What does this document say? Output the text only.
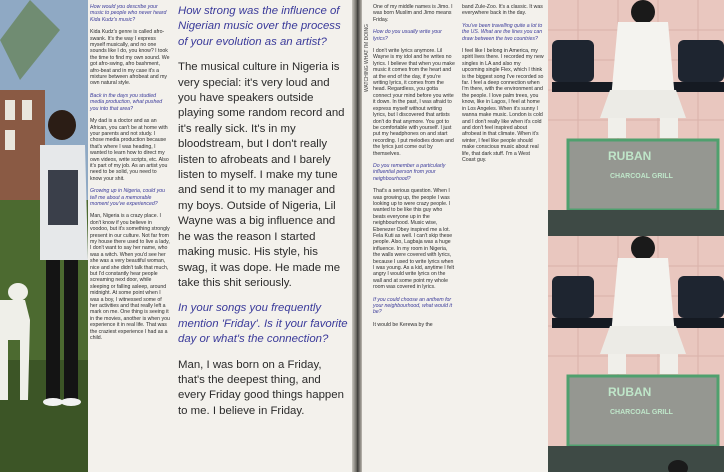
How would you describe your music to people who never heard Kida Kudz's music?

Kida Kudz's genre is called afro-swank. It's the way I express myself musically, and no one sounds like I do, you know? I took the time to find my own sound. We got afro-swing, afro bashment, afro-beat and in my case it's a mixture between afrobeat and my own natural style.

Back in the days you studied media production, what pushed you into that area?

My dad is a doctor and as an African, you can't be at home with your parents and not study. I chose media production because that's where I was heading, I wanted to learn how to direct my own videos, write scripts, etc. Also it's part of my job. As an artist you need to be solid, you need to know your shit.

Growing up in Nigeria, could you tell me about a memorable moment you've experienced?

Man, Nigeria is a crazy place. I don't know if you believe in voodoo, but it's something strongly present in our culture. Not far from my house there used to live a lady, I don't want to say her name, who was a witch. When you'd see her she was a very beautiful woman, nice and she didn't talk that much, but I'd constantly hear people screaming next door, while sleeping or falling asleep, around midnight. At some point when I was a boy, I witnessed some of her activities and that really left a mark on me. One thing is seeing it in the movies, another is when you experience it in real life. That was the craziest experience I had as a child.

How strong was the influence of Nigerian music over the process of your evolution as an artist?

The musical culture in Nigeria is very special: it's very loud and you have speakers outside playing some random record and it's really sick. It's in my bloodstream, but I don't really listen to afrobeats and I barely listen to myself. I make my tune and send it to my manager and my boys. Outside of Nigeria, Lil Wayne was a big influence and he was the reason I started making music. His style, his swag, it was dope. He made me take this shit seriously.

In your songs you frequently mention 'Friday'. Is it your favorite day or what's the connection?

Man, I was born on a Friday, that's the deepest thing, and every Friday good things happen to me. I believe in Friday.

WATCHING WHAT I'M DOING

One of my middle names is Jimo. I was born Muslim and Jimo means Friday.

How do you usually write your lyrics?

I don't write lyrics anymore. Lil Wayne is my idol and he writes no lyrics. I believe that when you make music it comes from the heart and at the end of the day, if you're writing lyrics, it comes from the head. Regardless, you gotta connect your mind before you write it down. In the past, I was afraid to express myself without writing lyrics, but I discovered that artists don't do that anymore. You got to be comfortable with yourself. I just put my headphones on and start recording. I put melodies down and the lyrics just come out by themselves.

Do you remember a particularly influential person from your neighbourhood?

That's a serious question. When I was growing up, the people I was looking up to were crazy people. I wanted to be like this guy who beats everyone up in the neighbourhood. Music wise, Ebenezer Obey inspired me a lot. Fela Kuti as well. I can't skip these people. Also, Lagbaja was a huge influence. In my room in Nigeria, the walls were covered with lyrics, because I used to write lyrics when I was young. As a kid, anytime I felt angry I would write lyrics on the wall and at some point my whole room was covered in lyrics.

If you could choose an anthem for your neighbourhood, what would it be?

It would be Kerewa by the

band Zule-Zoo. It's a classic. It was everywhere back in the day.

You've been travelling quite a lot to the US. What are the lines you can draw between the two countries?

I feel like I belong in America, my spirit lives there. I recorded my new singles in LA and also my upcoming single Flex, which I think is the biggest song I've recorded so far. I feel a deep connection when I'm there, with the environment and the people. I love palm trees, you know, like in Lagos, I feel at home in Los Angeles. When it's sunny I wanna make music. London is cold and I don't really like when it's cold and don't feel inspired about afrobeat in that climate. When it's winter, I feel like people should make conscious music about real life, that dark stuff. I'm a West Coast guy.	RUBAN
CHARCOAL GRILL
RUBAN
CHARCOAL GRILL
